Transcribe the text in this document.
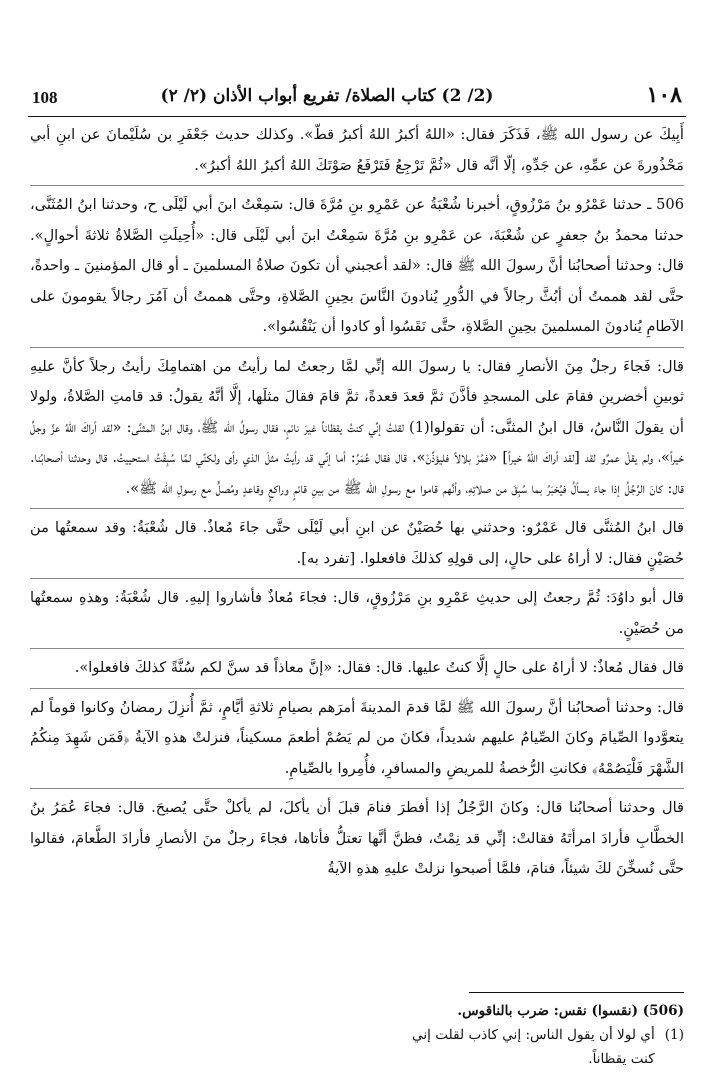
108	(2/ 2) كتاب الصلاة/ تفريع أبواب الأذان (٢/ ٢)	١٠٨

أَبِيكَ عن رسول الله ﷺ، فَذَكَرَ فقال: «اللهُ أكبرُ اللهُ أكبرُ قطّ». وكذلك حديث جَعْفَرِ بن سُلَيْمانَ عن ابنِ أبي مَحْذُورةَ عن عمِّهِ، عن جَدِّهِ، إلّا أنَّه قال «ثُمَّ تَرْجِعُ فَتَرْفَعُ صَوْتَكَ اللهُ أكبرُ اللهُ أكبرُ».

506 ـ حدثنا عَمْرُو بنُ مَرْزُوقٍ، أخبرنا شُعْبَةُ عن عَمْرِو بنِ مُرَّةَ قال: سَمِعْتُ ابنَ أبي لَيْلَى ح، وحدثنا ابنُ المُثَنَّى، حدثنا محمدُ بنُ جعفرٍ عن شُعْبَةَ، عن عَمْرِو بنِ مُرَّةَ سَمِعْتُ ابنَ أبي لَيْلَى قال: «أُحِيلَتِ الصَّلاةُ ثلاثةَ أحوالٍ». قال: وحدثنا أصحابُنا أنَّ رسولَ الله ﷺ قال: «لقد أعجبني أن تكونَ صلاةُ المسلمينَ ـ أو قال المؤمنينَ ـ واحدةً، حتَّى لقد هممتُ أن أبُثَّ رجالاً في الدُّورِ يُنادونَ النَّاسَ بحِينِ الصَّلاةِ، وحتَّى هممتُ أن آمُرَ رجالاً يقومونَ على الآطامِ يُنادونَ المسلمينَ بحِينِ الصَّلاةِ، حتَّى نَقَسُوا أو كادوا أن يَنْقُسُوا».

قال: فَجاءَ رجلٌ مِنَ الأنصارِ فقال: يا رسولَ الله إنِّي لمَّا رجعتُ لما رأيتُ من اهتمامِكَ رأيتُ رجلاً كأنَّ عليهِ ثوبينِ أخضرينِ فقامَ على المسجدِ فأذَّنَ ثمَّ قعدَ قعدةً، ثمَّ قامَ فقالَ مثلَها، إلَّا أنَّهُ يقولُ: قد قامتِ الصَّلاةُ، ولولا أن يقولَ النَّاسُ، قال ابنُ المثنَّى: أن تقولوا(1) لقلتُ إنِّي كنتُ يقظاناً غيرَ نائمٍ، فقال رسولُ الله ﷺ، وقال ابنُ المثنَّى: «لقد أراكَ اللهُ عزَّ وجلَّ خيراً»، ولم يقلْ عمرٌو لقد [لقد أراكَ اللهُ خيراً] «فمُرْ بلالاً فليؤذِّنْ». قال فقال عُمَرُ: أما إنِّي قد رأيتُ مثلَ الذي رأى ولكنِّي لمَّا سُبِقْتُ استحييتُ. قال وحدثنا أصحابُنا. قال: كانَ الرَّجُلُ إذا جاءَ يسألُ فيُخبَرُ بما سُبِقَ من صلاتِهِ، وأنَّهم قاموا مع رسولِ الله ﷺ من بينِ قائمٍ وراكعٍ وقاعدٍ ومُصلٍّ مع رسولِ الله ﷺ».

قال ابنُ المُثنَّى قال عَمْرٌو: وحدثني بها حُصَيْنٌ عن ابنِ أبي لَيْلَى حتَّى جاءَ مُعاذٌ. قال شُعْبَةُ: وقد سمعتُها من حُصَيْنٍ فقال: لا أراهُ على حالٍ، إلى قولِهِ كذلكَ فافعلوا. [تفرد به].

قال أبو داوُدَ: ثُمَّ رجعتُ إلى حديثِ عَمْرِو بنِ مَرْزُوقٍ، قال: فجاءَ مُعاذٌ فأشاروا إليهِ. قال شُعْبَةُ: وهذهِ سمعتُها من حُصَيْنٍ.

قال فقال مُعاذٌ: لا أراهُ على حالٍ إلَّا كنتُ عليها. قال: فقال: «إنَّ معاذاً قد سنَّ لكم سُنَّةً كذلكَ فافعلوا».

قال: وحدثنا أصحابُنا أنَّ رسولَ الله ﷺ لمَّا قدمَ المدينةَ أمرَهم بصيامِ ثلاثةِ أيَّامٍ، ثمَّ أُنزِلَ رمضانُ وكانوا قوماً لم يتعوَّدوا الصِّيامَ وكانَ الصِّيامُ عليهم شديداً، فكانَ من لم يَصُمْ أطعمَ مسكيناً، فنزلتْ هذهِ الآيةُ ﴿فَمَن شَهِدَ مِنكُمُ الشَّهْرَ فَلْيَصُمْهُ﴾ فكانتِ الرُّخصةُ للمريضِ والمسافرِ، فأُمِروا بالصِّيامِ.

قال وحدثنا أصحابُنا قال: وكانَ الرَّجُلُ إذا أفطرَ فنامَ قبلَ أن يأكلَ، لم يأكلْ حتَّى يُصبحَ. قال: فجاءَ عُمَرُ بنُ الخطَّابِ فأرادَ امرأتَهُ فقالتْ: إنِّي قد نِمْتُ، فظنَّ أنَّها تعتلُّ فأتاها، فجاءَ رجلٌ منَ الأنصارِ فأرادَ الطَّعامَ، فقالوا حتَّى نُسخِّنَ لكَ شيئاً، فنامَ، فلمَّا أصبحوا نزلتْ عليهِ هذهِ الآيةُ

(506) (نقسوا) نقس: ضرب بالناقوس.
(1)
أي لولا أن يقول الناس: إني كاذب لقلت إني كنت يقظاناً.
